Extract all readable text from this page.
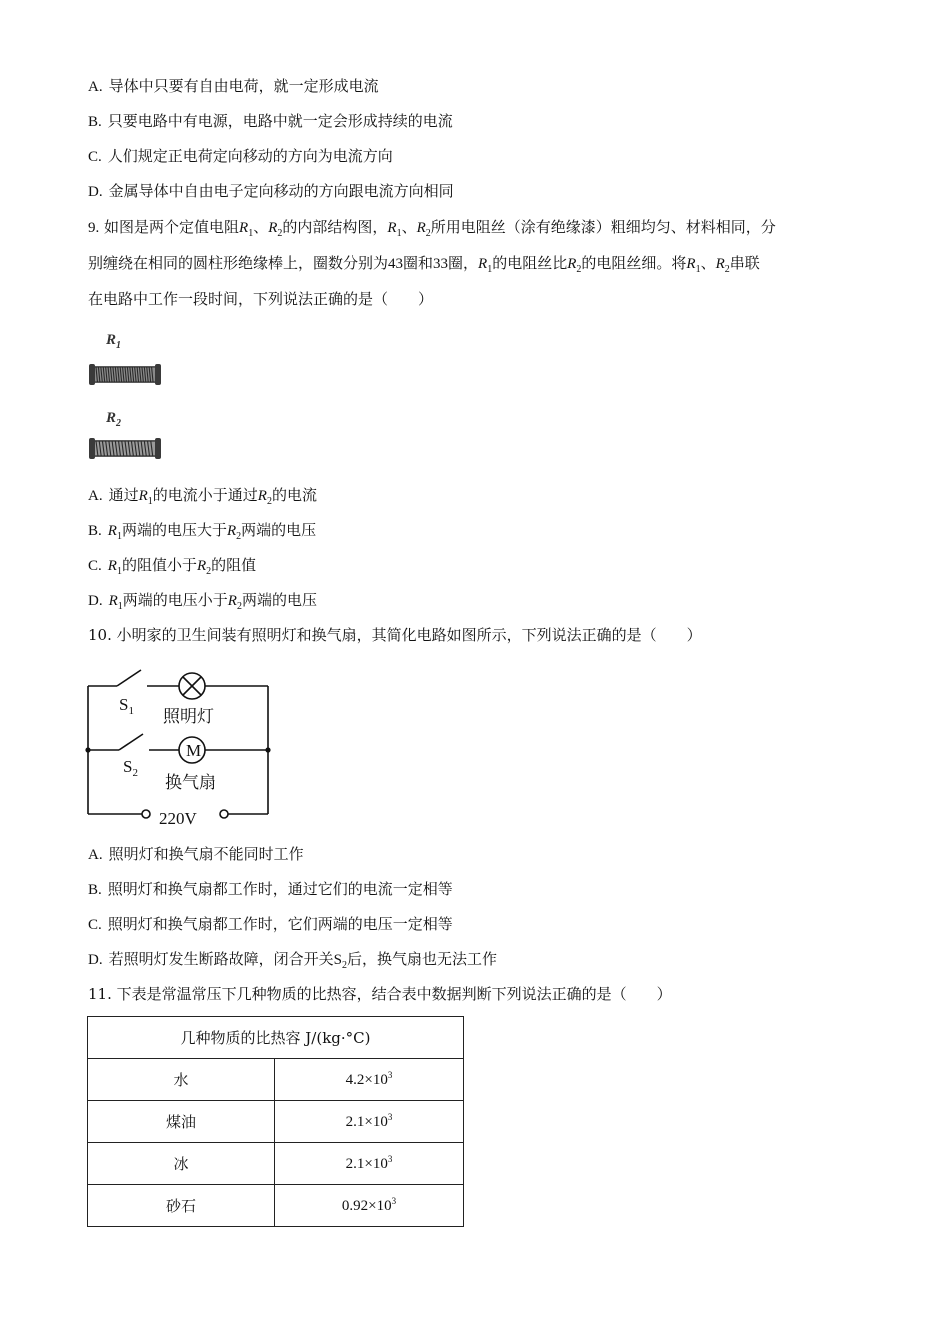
A. 导体中只要有自由电荷，就一定形成电流
B. 只要电路中有电源，电路中就一定会形成持续的电流
C. 人们规定正电荷定向移动的方向为电流方向
D. 金属导体中自由电子定向移动的方向跟电流方向相同
9. 如图是两个定值电阻$R_1$、$R_2$的内部结构图，$R_1$、$R_2$所用电阻丝（涂有绝缘漆）粗细均匀、材料相同，分
别缠绕在相同的圆柱形绝缘棒上，圈数分别为43圈和33圈，$R_1$的电阻丝比$R_2$的电阻丝细。将$R_1$、$R_2$串联
在电路中工作一段时间，下列说法正确的是（　　）
$R_1$
$R_2$
A. 通过$R_1$的电流小于通过$R_2$的电流
B. $R_1$两端的电压大于$R_2$两端的电压
C. $R_1$的阻值小于$R_2$的阻值
D. $R_1$两端的电压小于$R_2$两端的电压
10. 小明家的卫生间装有照明灯和换气扇，其简化电路如图所示，下列说法正确的是（　　）
$S_1$ 照明灯
M
$S_2$ 换气扇
220V
A. 照明灯和换气扇不能同时工作
B. 照明灯和换气扇都工作时，通过它们的电流一定相等
C. 照明灯和换气扇都工作时，它们两端的电压一定相等
D. 若照明灯发生断路故障，闭合开关$S_2$后，换气扇也无法工作
11. 下表是常温常压下几种物质的比热容，结合表中数据判断下列说法正确的是（　　）
几种物质的比热容 J/(kg·°C)	
水	$4.2\times 10^3$
煤油	$2.1\times 10^3$
冰	$2.1\times 10^3$
砂石	$0.92\times 10^3$
